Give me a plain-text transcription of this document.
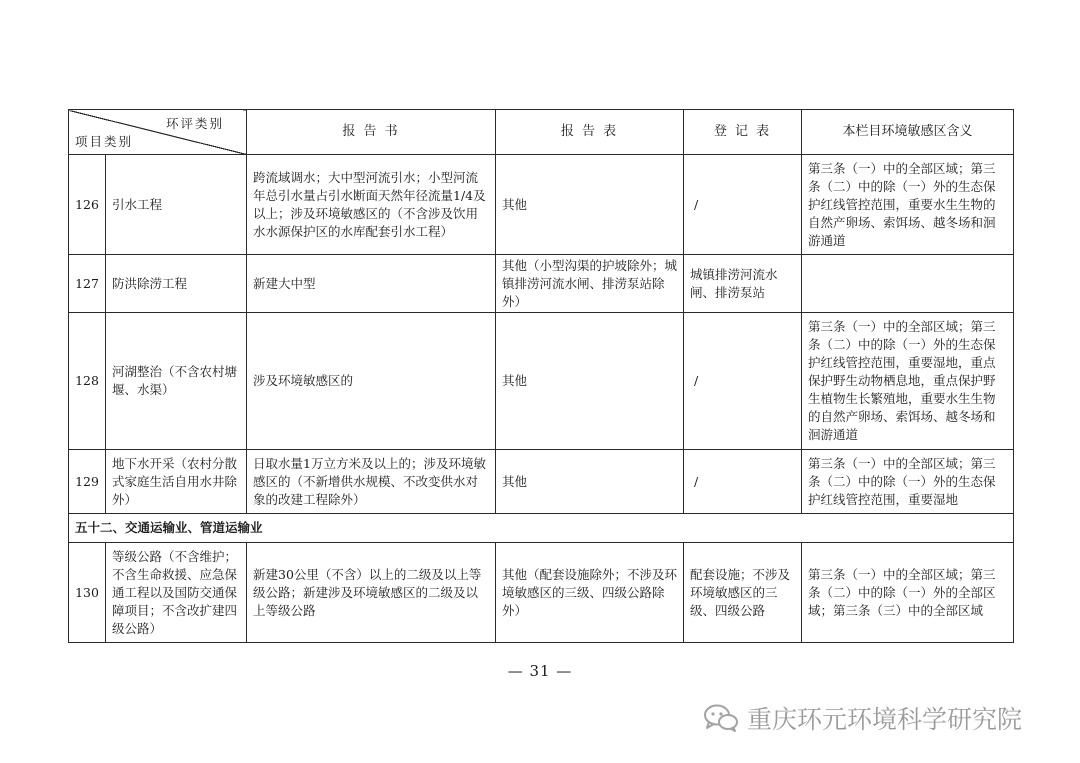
环评类别
项目类别		报 告 书	报 告 表	登 记 表	本栏目环境敏感区含义
126	引水工程	跨流域调水；大中型河流引水；小型河流年总引水量占引水断面天然年径流量1/4及以上；涉及环境敏感区的（不含涉及饮用水水源保护区的水库配套引水工程）	其他	/	第三条（一）中的全部区域；第三条（二）中的除（一）外的生态保护红线管控范围，重要水生生物的自然产卵场、索饵场、越冬场和洄游通道
127	防洪除涝工程	新建大中型	其他（小型沟渠的护坡除外；城镇排涝河流水闸、排涝泵站除外）	城镇排涝河流水闸、排涝泵站	
128	河湖整治（不含农村塘堰、水渠）	涉及环境敏感区的	其他	/	第三条（一）中的全部区域；第三条（二）中的除（一）外的生态保护红线管控范围，重要湿地，重点保护野生动物栖息地，重点保护野生植物生长繁殖地，重要水生生物的自然产卵场、索饵场、越冬场和洄游通道
129	地下水开采（农村分散式家庭生活自用水井除外）	日取水量1万立方米及以上的；涉及环境敏感区的（不新增供水规模、不改变供水对象的改建工程除外）	其他	/	第三条（一）中的全部区域；第三条（二）中的除（一）外的生态保护红线管控范围，重要湿地
五十二、交通运输业、管道运输业					
130	等级公路（不含维护；不含生命救援、应急保通工程以及国防交通保障项目；不含改扩建四级公路）	新建30公里（不含）以上的二级及以上等级公路；新建涉及环境敏感区的二级及以上等级公路	其他（配套设施除外；不涉及环境敏感区的三级、四级公路除外）	配套设施；不涉及环境敏感区的三级、四级公路	第三条（一）中的全部区域；第三条（二）中的除（一）外的全部区域；第三条（三）中的全部区域
— 31 —
重庆环元环境科学研究院
